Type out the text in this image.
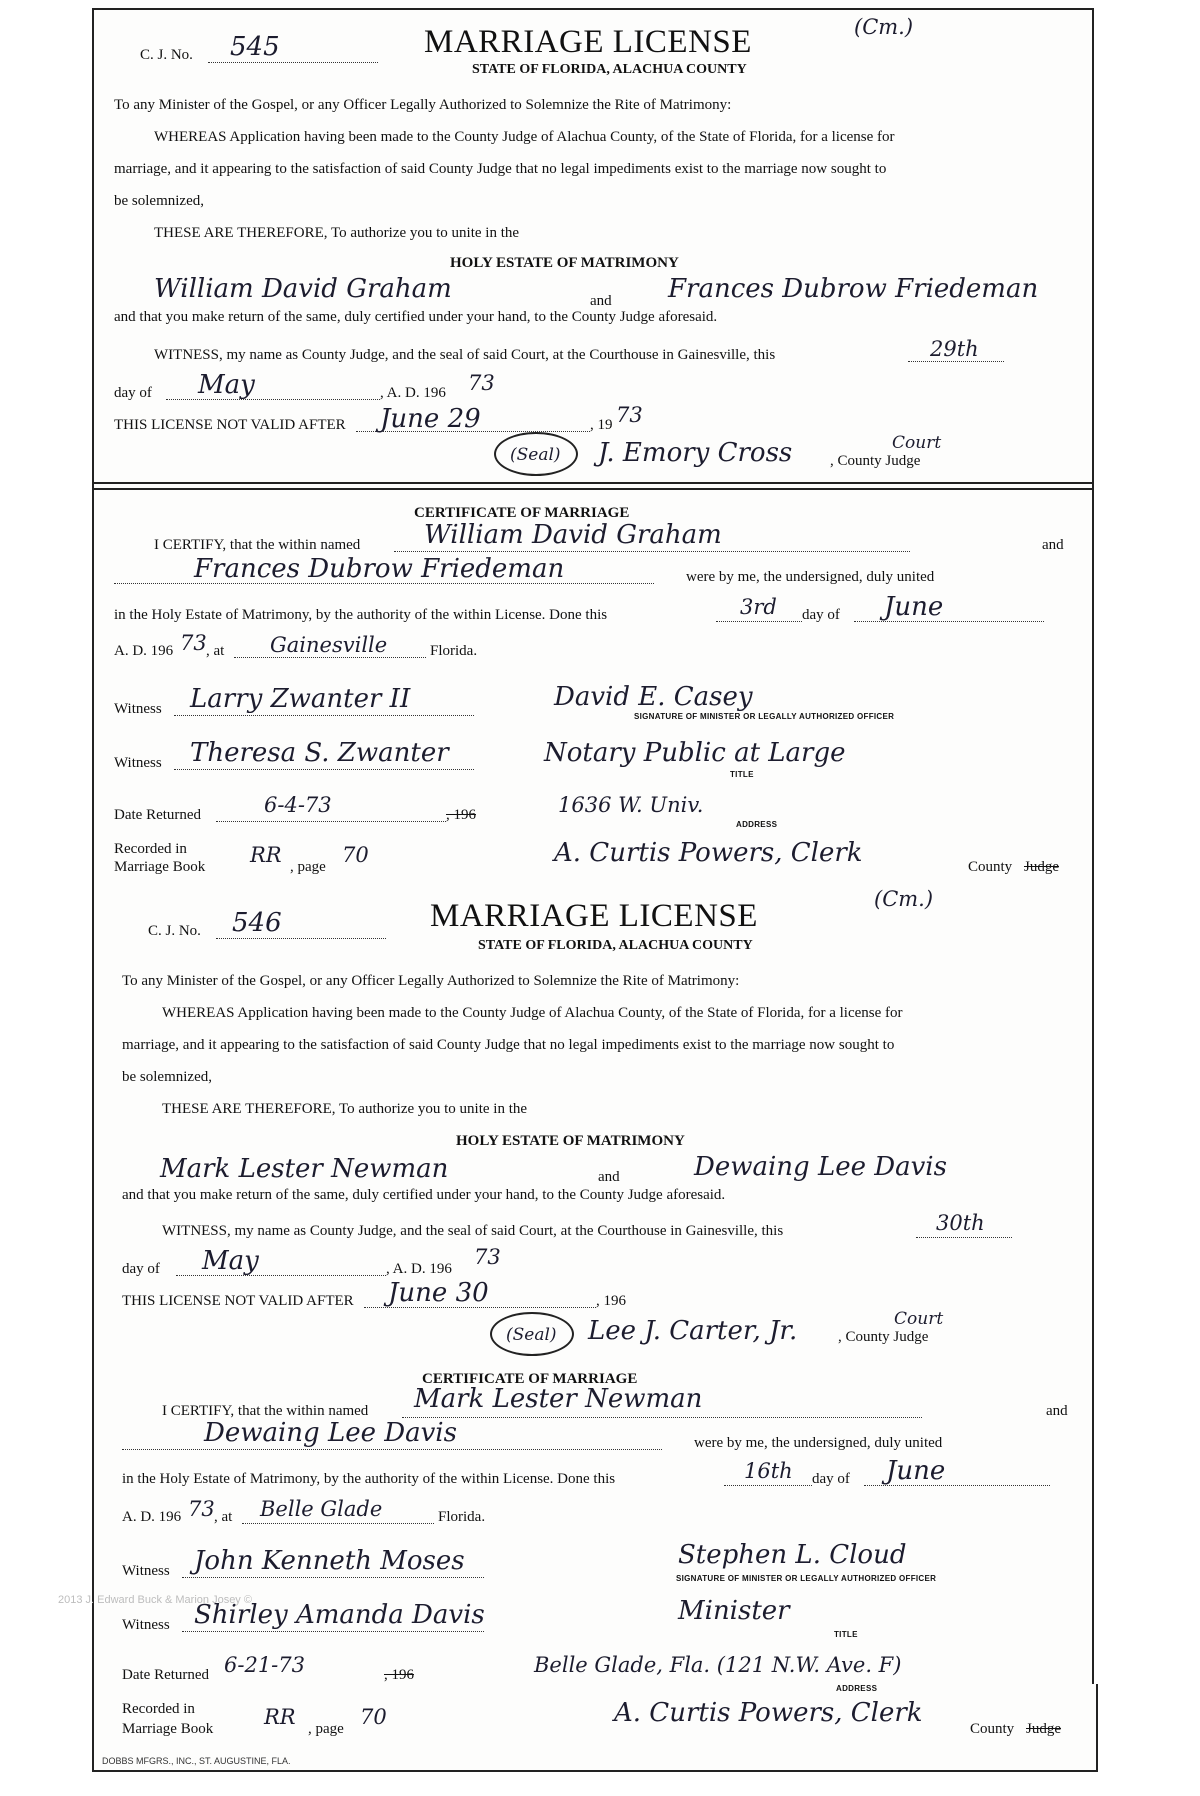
C. J. No. 545	MARRIAGE LICENSE
STATE OF FLORIDA, ALACHUA COUNTY
(Cm.)
To any Minister of the Gospel, or any Officer Legally Authorized to Solemnize the Rite of Matrimony:
WHEREAS Application having been made to the County Judge of Alachua County, of the State of Florida, for a license for
marriage, and it appearing to the satisfaction of said County Judge that no legal impediments exist to the marriage now sought to
be solemnized,
THESE ARE THEREFORE, To authorize you to unite in the
HOLY ESTATE OF MATRIMONY
William David Graham	and Frances Dubrow Friedeman
and that you make return of the same, duly certified under your hand, to the County Judge aforesaid.
WITNESS, my name as County Judge, and the seal of said Court, at the Courthouse in Gainesville, this	29th
day of May	, A. D. 196 73
THIS LICENSE NOT VALID AFTER June 29	, 19 73
(Seal) J. Emory Cross	, County Judge
Court
CERTIFICATE OF MARRIAGE
I CERTIFY, that the within named William David Graham	and
Frances Dubrow Friedeman	were by me, the undersigned, duly united
in the Holy Estate of Matrimony, by the authority of the within License. Done this	3rd day of June
A. D. 196 73 , at Gainesville	Florida.
Witness Larry Zwanter II	David E. Casey
SIGNATURE OF MINISTER OR LEGALLY AUTHORIZED OFFICER
Witness Theresa S. Zwanter	Notary Public at Large
TITLE
Date Returned	6-4-73	, 196	1636 W. Univ.
ADDRESS
Recorded in
Marriage Book RR , page 70	A. Curtis Powers, Clerk	County Judge
C. J. No. 546	MARRIAGE LICENSE
STATE OF FLORIDA, ALACHUA COUNTY
(Cm.)
To any Minister of the Gospel, or any Officer Legally Authorized to Solemnize the Rite of Matrimony:
WHEREAS Application having been made to the County Judge of Alachua County, of the State of Florida, for a license for
marriage, and it appearing to the satisfaction of said County Judge that no legal impediments exist to the marriage now sought to
be solemnized,
THESE ARE THEREFORE, To authorize you to unite in the
HOLY ESTATE OF MATRIMONY
Mark Lester Newman	and	Dewaing Lee Davis
and that you make return of the same, duly certified under your hand, to the County Judge aforesaid.
WITNESS, my name as County Judge, and the seal of said Court, at the Courthouse in Gainesville, this	30th
day of May	, A. D. 196 73
THIS LICENSE NOT VALID AFTER June 30	, 196
(Seal) Lee J. Carter, Jr.	, County Judge
Court
CERTIFICATE OF MARRIAGE
I CERTIFY, that the within named Mark Lester Newman	and
Dewaing Lee Davis	were by me, the undersigned, duly united
in the Holy Estate of Matrimony, by the authority of the within License. Done this	16th day of June
A. D. 196 73 , at Belle Glade	Florida.
Witness John Kenneth Moses	Stephen L. Cloud
SIGNATURE OF MINISTER OR LEGALLY AUTHORIZED OFFICER
Witness Shirley Amanda Davis	Minister
TITLE
Date Returned 6-21-73	, 196	Belle Glade, Fla. (121 N.W. Ave. F)
ADDRESS
Recorded in
Marriage Book RR , page 70	A. Curtis Powers, Clerk
County Judge
DOBBS MFGRS., INC., ST. AUGUSTINE, FLA.
2013 J. Edward Buck & Marion Josey ©
